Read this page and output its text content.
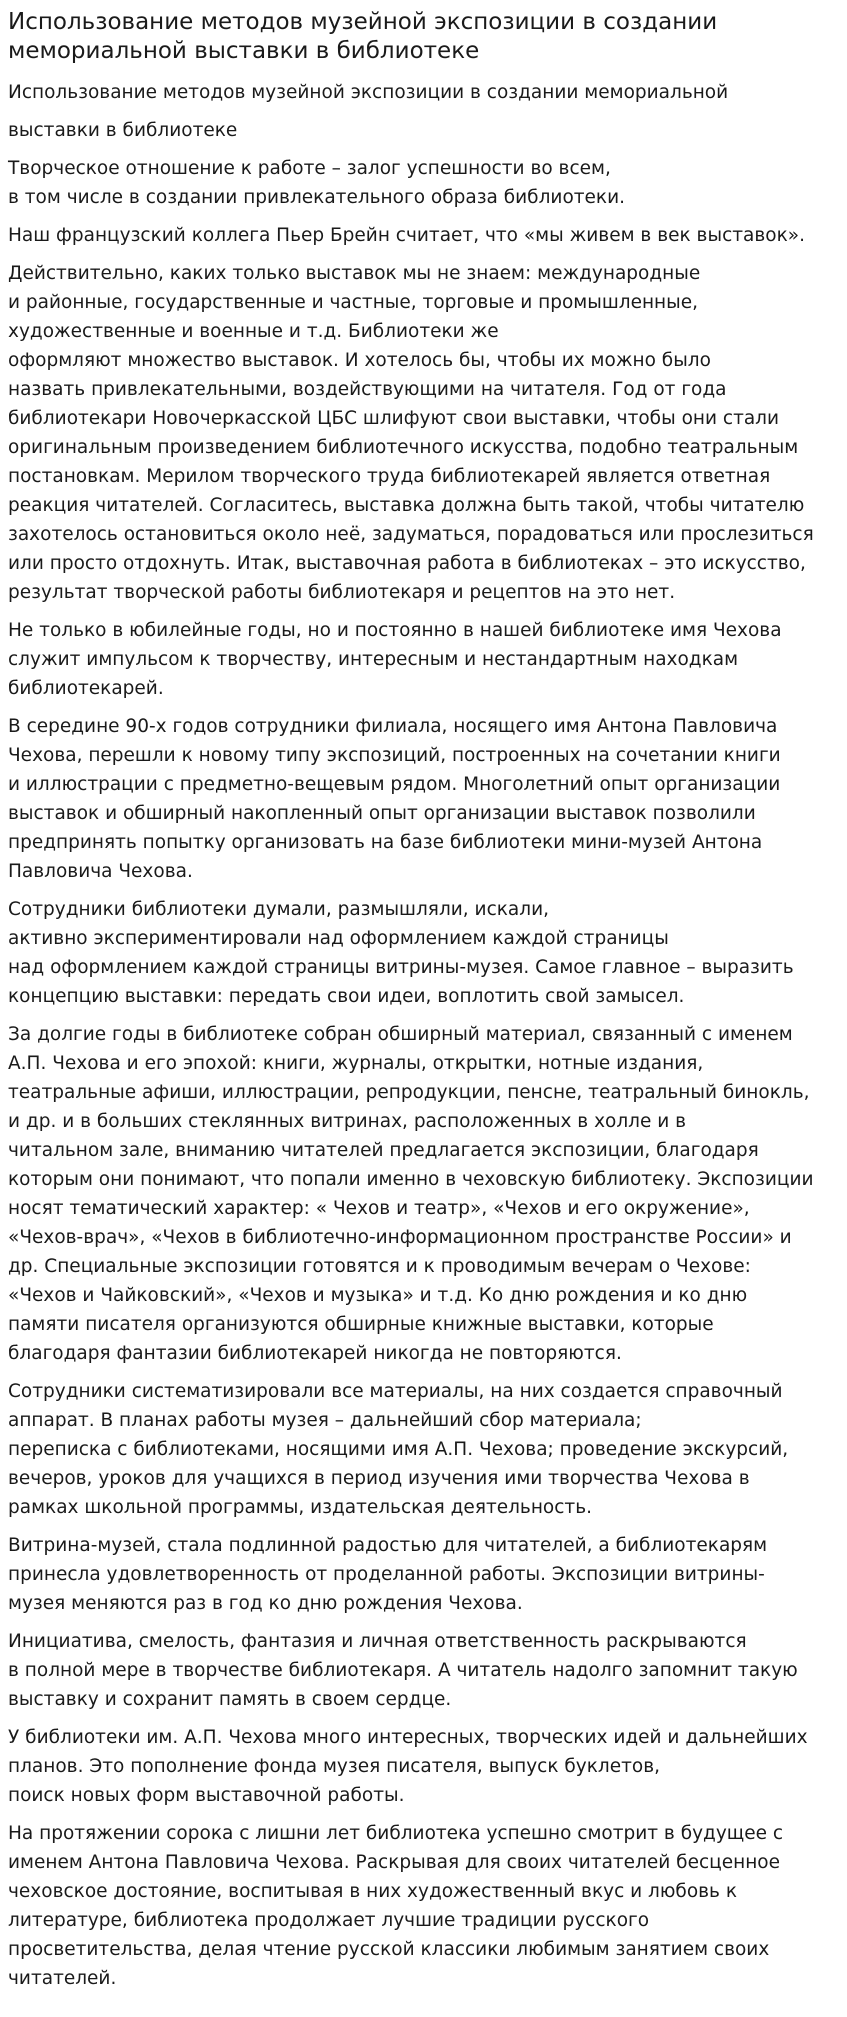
Использование методов музейной экспозиции в создании мемориальной выставки в библиотеке

Использование методов музейной экспозиции в создании мемориальной
выставки в библиотеке

Творческое отношение к работе – залог успешности во всем,
в том числе в создании привлекательного образа библиотеки.

Наш французский коллега Пьер Брейн считает, что «мы живем в век выставок».

Действительно, каких только выставок мы не знаем: международные
и районные, государственные и частные, торговые и промышленные,
художественные и военные и т.д. Библиотеки же
оформляют множество выставок. И хотелось бы, чтобы их можно было
назвать привлекательными, воздействующими на читателя. Год от года
библиотекари Новочеркасской ЦБС шлифуют свои выставки, чтобы они стали
оригинальным произведением библиотечного искусства, подобно театральным
постановкам. Мерилом творческого труда библиотекарей является ответная
реакция читателей. Согласитесь, выставка должна быть такой, чтобы читателю
захотелось остановиться около неё, задуматься, порадоваться или прослезиться
или просто отдохнуть. Итак, выставочная работа в библиотеках – это искусство,
результат творческой работы библиотекаря и рецептов на это нет.

Не только в юбилейные годы, но и постоянно в нашей библиотеке имя Чехова
служит импульсом к творчеству, интересным и нестандартным находкам
библиотекарей.

В середине 90-х годов сотрудники филиала, носящего имя Антона Павловича
Чехова, перешли к новому типу экспозиций, построенных на сочетании книги
и иллюстрации с предметно-вещевым рядом. Многолетний опыт организации
выставок и обширный накопленный опыт организации выставок позволили
предпринять попытку организовать на базе библиотеки мини-музей Антона
Павловича Чехова.

Сотрудники библиотеки думали, размышляли, искали,
активно экспериментировали над оформлением каждой страницы
над оформлением каждой страницы витрины-музея. Самое главное – выразить
концепцию выставки: передать свои идеи, воплотить свой замысел.

За долгие годы в библиотеке собран обширный материал, связанный с именем
А.П. Чехова и его эпохой: книги, журналы, открытки, нотные издания,
театральные афиши, иллюстрации, репродукции, пенсне, театральный бинокль,
и др. и в больших стеклянных витринах, расположенных в холле и в
читальном зале, вниманию читателей предлагается экспозиции, благодаря
которым они понимают, что попали именно в чеховскую библиотеку. Экспозиции
носят тематический характер: « Чехов и театр», «Чехов и его окружение»,
«Чехов-врач», «Чехов в библиотечно-информационном пространстве России» и
др. Специальные экспозиции готовятся и к проводимым вечерам о Чехове:
«Чехов и Чайковский», «Чехов и музыка» и т.д. Ко дню рождения и ко дню
памяти писателя организуются обширные книжные выставки, которые
благодаря фантазии библиотекарей никогда не повторяются.

Сотрудники систематизировали все материалы, на них создается справочный
аппарат. В планах работы музея – дальнейший сбор материала;
переписка с библиотеками, носящими имя А.П. Чехова; проведение экскурсий,
вечеров, уроков для учащихся в период изучения ими творчества Чехова в
рамках школьной программы, издательская деятельность.

Витрина-музей, стала подлинной радостью для читателей, а библиотекарям
принесла удовлетворенность от проделанной работы. Экспозиции витрины-
музея меняются раз в год ко дню рождения Чехова.

Инициатива, смелость, фантазия и личная ответственность раскрываются
в полной мере в творчестве библиотекаря. А читатель надолго запомнит такую
выставку и сохранит память в своем сердце.

У библиотеки им. А.П. Чехова много интересных, творческих идей и дальнейших
планов. Это пополнение фонда музея писателя, выпуск буклетов,
поиск новых форм выставочной работы.

На протяжении сорока с лишни лет библиотека успешно смотрит в будущее с
именем Антона Павловича Чехова. Раскрывая для своих читателей бесценное
чеховское достояние, воспитывая в них художественный вкус и любовь к
литературе, библиотека продолжает лучшие традиции русского
просветительства, делая чтение русской классики любимым занятием своих
читателей.
